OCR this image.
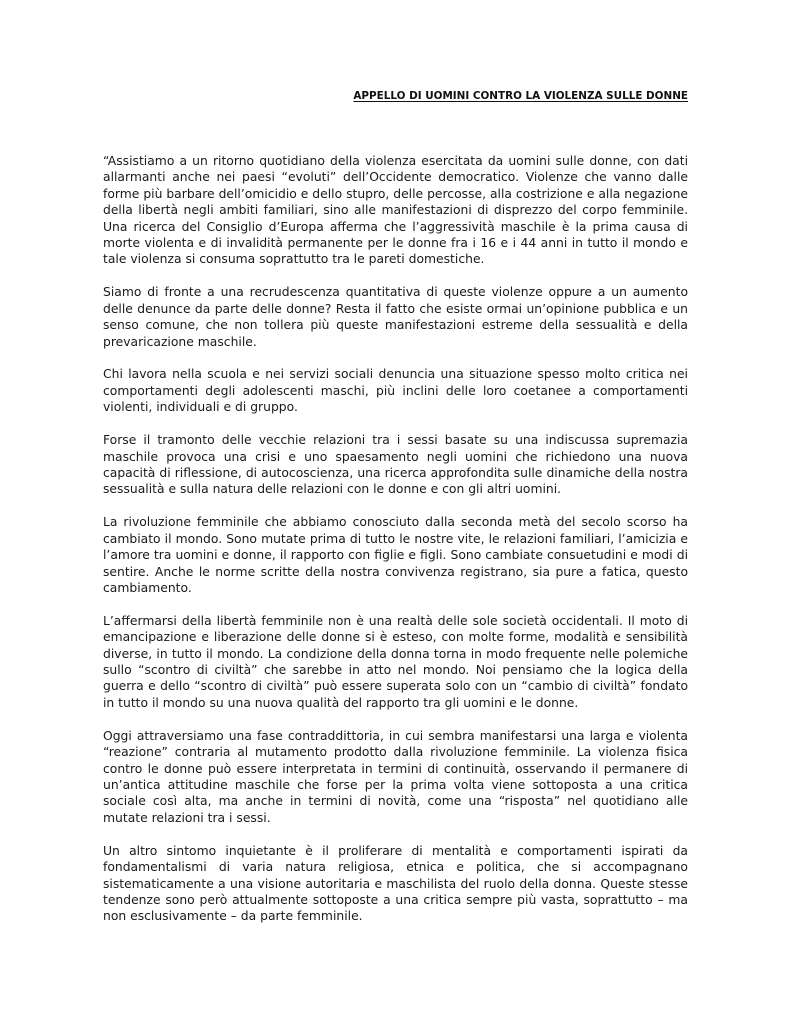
APPELLO DI UOMINI CONTRO LA VIOLENZA SULLE DONNE

“Assistiamo a un ritorno quotidiano della violenza esercitata da uomini sulle donne, con dati allarmanti anche nei paesi “evoluti” dell’Occidente democratico. Violenze che vanno dalle forme più barbare dell’omicidio e dello stupro, delle percosse, alla costrizione e alla negazione della libertà negli ambiti familiari, sino alle manifestazioni di disprezzo del corpo femminile. Una ricerca del Consiglio d’Europa afferma che l’aggressività maschile è la prima causa di morte violenta e di invalidità permanente per le donne fra i 16 e i 44 anni in tutto il mondo e tale violenza si consuma soprattutto tra le pareti domestiche.

Siamo di fronte a una recrudescenza quantitativa di queste violenze oppure a un aumento delle denunce da parte delle donne? Resta il fatto che esiste ormai un’opinione pubblica e un senso comune, che non tollera più queste manifestazioni estreme della sessualità e della prevaricazione maschile.

Chi lavora nella scuola e nei servizi sociali denuncia una situazione spesso molto critica nei comportamenti degli adolescenti maschi, più inclini delle loro coetanee a comportamenti violenti, individuali e di gruppo.

Forse il tramonto delle vecchie relazioni tra i sessi basate su una indiscussa supremazia maschile provoca una crisi e uno spaesamento negli uomini che richiedono una nuova capacità di riflessione, di autocoscienza, una ricerca approfondita sulle dinamiche della nostra sessualità e sulla natura delle relazioni con le donne e con gli altri uomini.

La rivoluzione femminile che abbiamo conosciuto dalla seconda metà del secolo scorso ha cambiato il mondo. Sono mutate prima di tutto le nostre vite, le relazioni familiari, l’amicizia e l’amore tra uomini e donne, il rapporto con figlie e figli. Sono cambiate consuetudini e modi di sentire. Anche le norme scritte della nostra convivenza registrano, sia pure a fatica, questo cambiamento.

L’affermarsi della libertà femminile non è una realtà delle sole società occidentali. Il moto di emancipazione e liberazione delle donne si è esteso, con molte forme, modalità e sensibilità diverse, in tutto il mondo. La condizione della donna torna in modo frequente nelle polemiche sullo “scontro di civiltà” che sarebbe in atto nel mondo. Noi pensiamo che la logica della guerra e dello “scontro di civiltà” può essere superata solo con un “cambio di civiltà” fondato in tutto il mondo su una nuova qualità del rapporto tra gli uomini e le donne.

Oggi attraversiamo una fase contraddittoria, in cui sembra manifestarsi una larga e violenta “reazione” contraria al mutamento prodotto dalla rivoluzione femminile. La violenza fisica contro le donne può essere interpretata in termini di continuità, osservando il permanere di un’antica attitudine maschile che forse per la prima volta viene sottoposta a una critica sociale così alta, ma anche in termini di novità, come una “risposta” nel quotidiano alle mutate relazioni tra i sessi.

Un altro sintomo inquietante è il proliferare di mentalità e comportamenti ispirati da fondamentalismi di varia natura religiosa, etnica e politica, che si accompagnano sistematicamente a una visione autoritaria e maschilista del ruolo della donna. Queste stesse tendenze sono però attualmente sottoposte a una critica sempre più vasta, soprattutto – ma non esclusivamente – da parte femminile.
